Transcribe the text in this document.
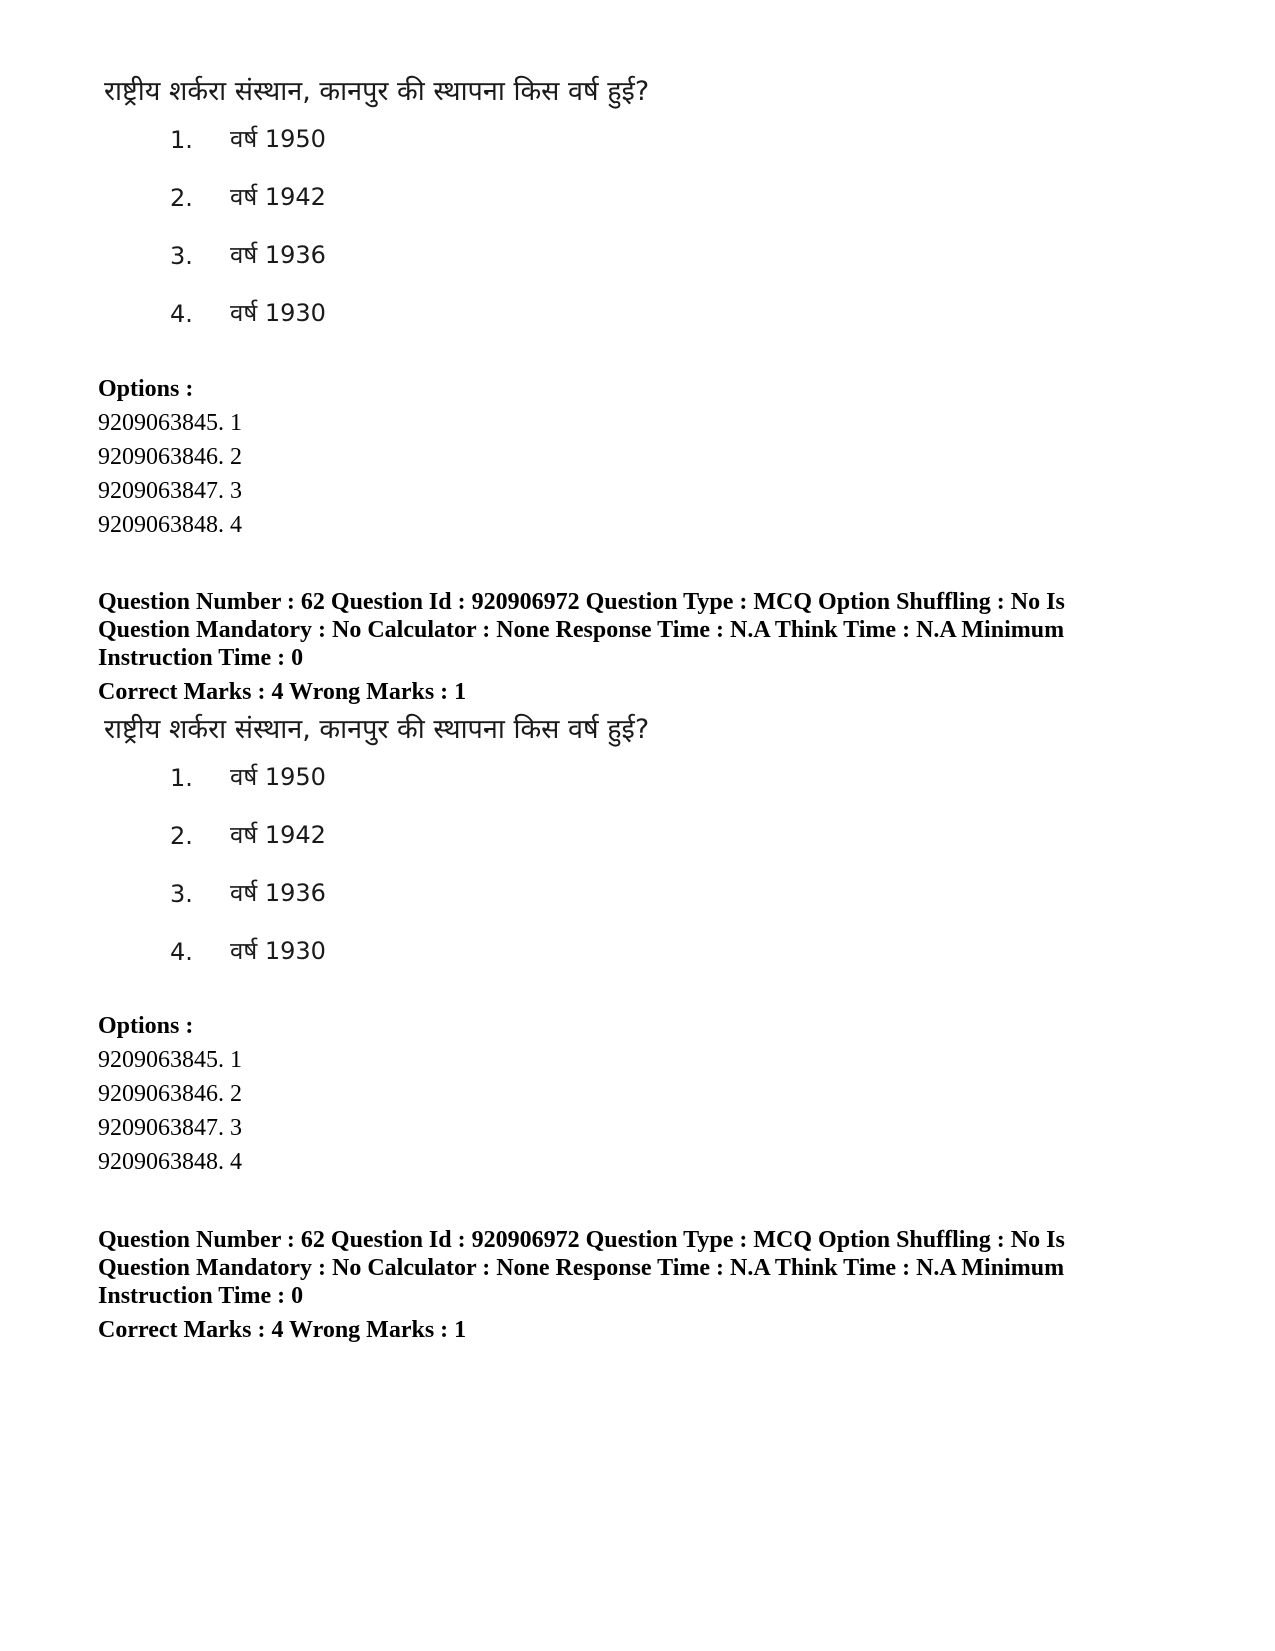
राष्ट्रीय शर्करा संस्थान, कानपुर की स्थापना किस वर्ष हुई?

1. वर्ष 1950
2. वर्ष 1942
3. वर्ष 1936
4. वर्ष 1930
Options :
9209063845. 1
9209063846. 2
9209063847. 3
9209063848. 4
Question Number : 62 Question Id : 920906972 Question Type : MCQ Option Shuffling : No Is
Question Mandatory : No Calculator : None Response Time : N.A Think Time : N.A Minimum
Instruction Time : 0
Correct Marks : 4 Wrong Marks : 1

राष्ट्रीय शर्करा संस्थान, कानपुर की स्थापना किस वर्ष हुई?

1. वर्ष 1950
2. वर्ष 1942
3. वर्ष 1936
4. वर्ष 1930
Options :
9209063845. 1
9209063846. 2
9209063847. 3
9209063848. 4
Question Number : 62 Question Id : 920906972 Question Type : MCQ Option Shuffling : No Is
Question Mandatory : No Calculator : None Response Time : N.A Think Time : N.A Minimum
Instruction Time : 0
Correct Marks : 4 Wrong Marks : 1
